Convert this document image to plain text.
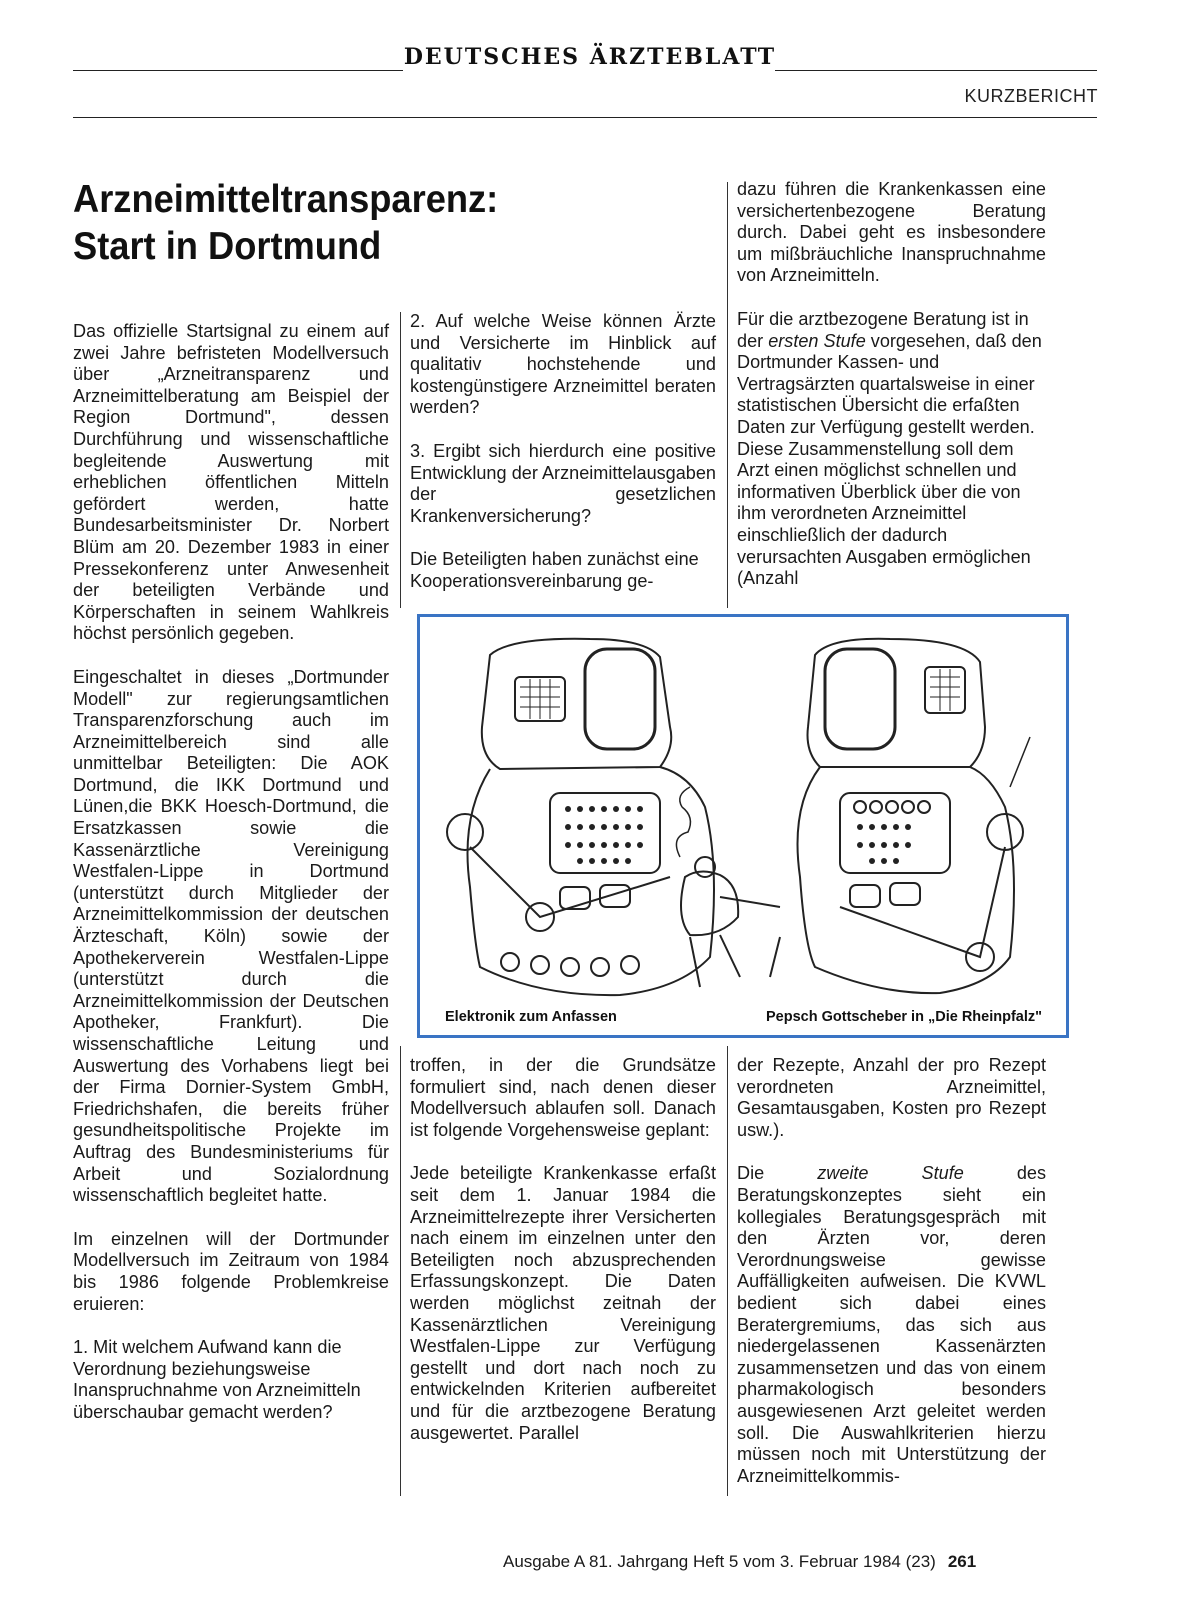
DEUTSCHES ÄRZTEBLATT
KURZBERICHT
Arzneimitteltransparenz:
Start in Dortmund

Das offizielle Startsignal zu einem auf zwei Jahre befristeten Modellversuch über „Arzneitransparenz und Arzneimittelberatung am Beispiel der Region Dortmund", dessen Durchführung und wissenschaftliche begleitende Auswertung mit erheblichen öffentlichen Mitteln gefördert werden, hatte Bundesarbeitsminister Dr. Norbert Blüm am 20. Dezember 1983 in einer Pressekonferenz unter Anwesenheit der beteiligten Verbände und Körperschaften in seinem Wahlkreis höchst persönlich gegeben.

Eingeschaltet in dieses „Dortmunder Modell" zur regierungsamtlichen Transparenzforschung auch im Arzneimittelbereich sind alle unmittelbar Beteiligten: Die AOK Dortmund, die IKK Dortmund und Lünen,die BKK Hoesch-Dortmund, die Ersatzkassen sowie die Kassenärztliche Vereinigung Westfalen-Lippe in Dortmund (unterstützt durch Mitglieder der Arzneimittelkommission der deutschen Ärzteschaft, Köln) sowie der Apothekerverein Westfalen-Lippe (unterstützt durch die Arzneimittelkommission der Deutschen Apotheker, Frankfurt). Die wissenschaftliche Leitung und Auswertung des Vorhabens liegt bei der Firma Dornier-System GmbH, Friedrichshafen, die bereits früher gesundheitspolitische Projekte im Auftrag des Bundesministeriums für Arbeit und Sozialordnung wissenschaftlich begleitet hatte.

Im einzelnen will der Dortmunder Modellversuch im Zeitraum von 1984 bis 1986 folgende Problemkreise eruieren:

1. Mit welchem Aufwand kann die Verordnung beziehungsweise Inanspruchnahme von Arzneimitteln überschaubar gemacht werden?

2. Auf welche Weise können Ärzte und Versicherte im Hinblick auf qualitativ hochstehende und kostengünstigere Arzneimittel beraten werden?

3. Ergibt sich hierdurch eine positive Entwicklung der Arzneimittelausgaben der gesetzlichen Krankenversicherung?

Die Beteiligten haben zunächst eine Kooperationsvereinbarung ge-

dazu führen die Krankenkassen eine versichertenbezogene Beratung durch. Dabei geht es insbesondere um mißbräuchliche Inanspruchnahme von Arzneimitteln.

Für die arztbezogene Beratung ist in der ersten Stufe vorgesehen, daß den Dortmunder Kassen- und Vertragsärzten quartalsweise in einer statistischen Übersicht die erfaßten Daten zur Verfügung gestellt werden. Diese Zusammenstellung soll dem Arzt einen möglichst schnellen und informativen Überblick über die von ihm verordneten Arzneimittel einschließlich der dadurch verursachten Ausgaben ermöglichen (Anzahl

Elektronik zum Anfassen	Pepsch Gottscheber in „Die Rheinpfalz"

troffen, in der die Grundsätze formuliert sind, nach denen dieser Modellversuch ablaufen soll. Danach ist folgende Vorgehensweise geplant:

Jede beteiligte Krankenkasse erfaßt seit dem 1. Januar 1984 die Arzneimittelrezepte ihrer Versicherten nach einem im einzelnen unter den Beteiligten noch abzusprechenden Erfassungskonzept. Die Daten werden möglichst zeitnah der Kassenärztlichen Vereinigung Westfalen-Lippe zur Verfügung gestellt und dort nach noch zu entwickelnden Kriterien aufbereitet und für die arztbezogene Beratung ausgewertet. Parallel

der Rezepte, Anzahl der pro Rezept verordneten Arzneimittel, Gesamtausgaben, Kosten pro Rezept usw.).

Die zweite Stufe des Beratungskonzeptes sieht ein kollegiales Beratungsgespräch mit den Ärzten vor, deren Verordnungsweise gewisse Auffälligkeiten aufweisen. Die KVWL bedient sich dabei eines Beratergremiums, das sich aus niedergelassenen Kassenärzten zusammensetzen und das von einem pharmakologisch besonders ausgewiesenen Arzt geleitet werden soll. Die Auswahlkriterien hierzu müssen noch mit Unterstützung der Arzneimittelkommis-

Ausgabe A 81. Jahrgang Heft 5 vom 3. Februar 1984 (23) 261
